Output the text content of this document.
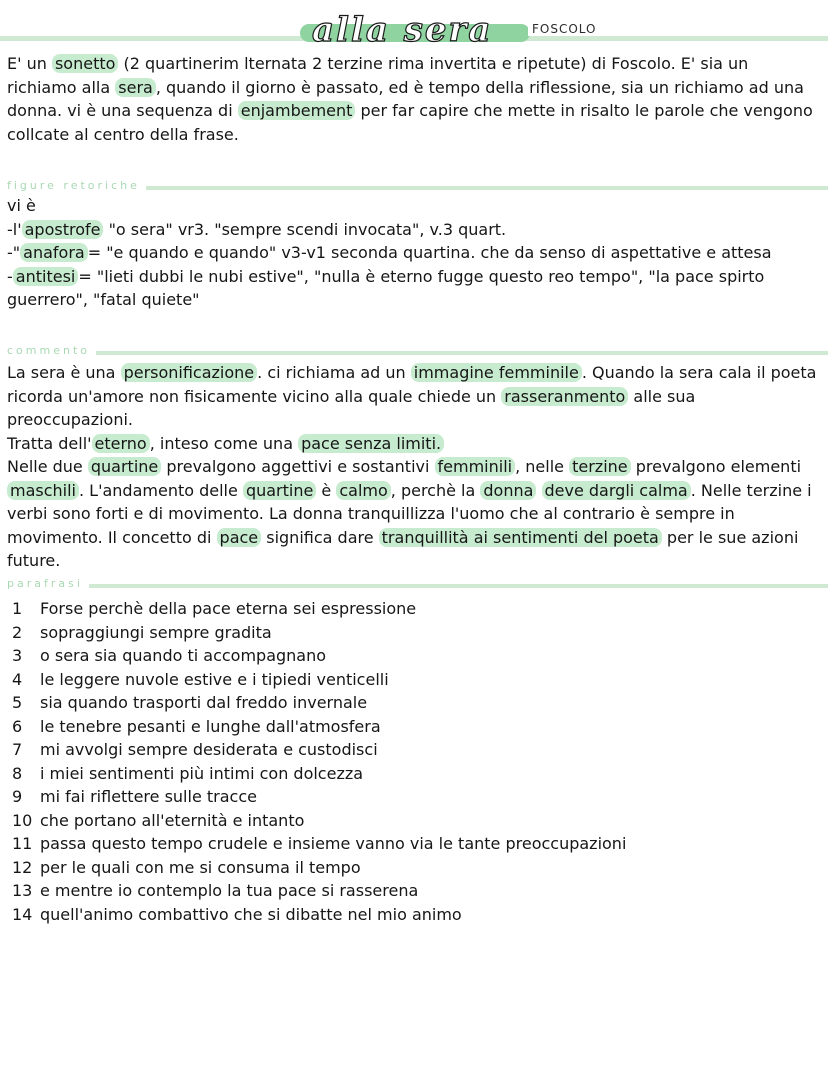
alla sera	FOSCOLO

E' un sonetto (2 quartinerim lternata 2 terzine rima invertita e ripetute) di Foscolo. E' sia un richiamo alla sera , quando il giorno è passato, ed è tempo della riflessione, sia un richiamo ad una donna. vi è una sequenza di enjambement per far capire che mette in risalto le parole che vengono collcate al centro della frase.

figure retoriche

vi è

-l' apostrofe "o sera" vr3. "sempre scendi invocata", v.3 quart.

-" anafora = "e quando e quando" v3-v1 seconda quartina. che da senso di aspettative e attesa

- antitesi = "lieti dubbi le nubi estive", "nulla è eterno fugge questo reo tempo", "la pace spirto guerrero", "fatal quiete"

commento

La sera è una personificazione . ci richiama ad un immagine femminile . Quando la sera cala il poeta ricorda un'amore non fisicamente vicino alla quale chiede un rasseranmento alle sua preoccupazioni.

Tratta dell' eterno , inteso come una pace senza limiti.

Nelle due quartine prevalgono aggettivi e sostantivi femminili , nelle terzine prevalgono elementi maschili . L'andamento delle quartine è calmo , perchè la donna deve dargli calma . Nelle terzine i verbi sono forti e di movimento. La donna tranquillizza l'uomo che al contrario è sempre in movimento. Il concetto di pace significa dare tranquillità ai sentimenti del poeta per le sue azioni future.

parafrasi
1	Forse perchè della pace eterna sei espressione
2	sopraggiungi sempre gradita
3	o sera sia quando ti accompagnano
4	le leggere nuvole estive e i tipiedi venticelli
5	sia quando trasporti dal freddo invernale
6	le tenebre pesanti e lunghe dall'atmosfera
7	mi avvolgi sempre desiderata e custodisci
8	i miei sentimenti più intimi con dolcezza
9	mi fai riflettere sulle tracce
10 che portano all'eternità e intanto
11 passa questo tempo crudele e insieme vanno via le tante preoccupazioni
12 per le quali con me si consuma il tempo
13 e mentre io contemplo la tua pace si rasserena
14 quell'animo combattivo che si dibatte nel mio animo
